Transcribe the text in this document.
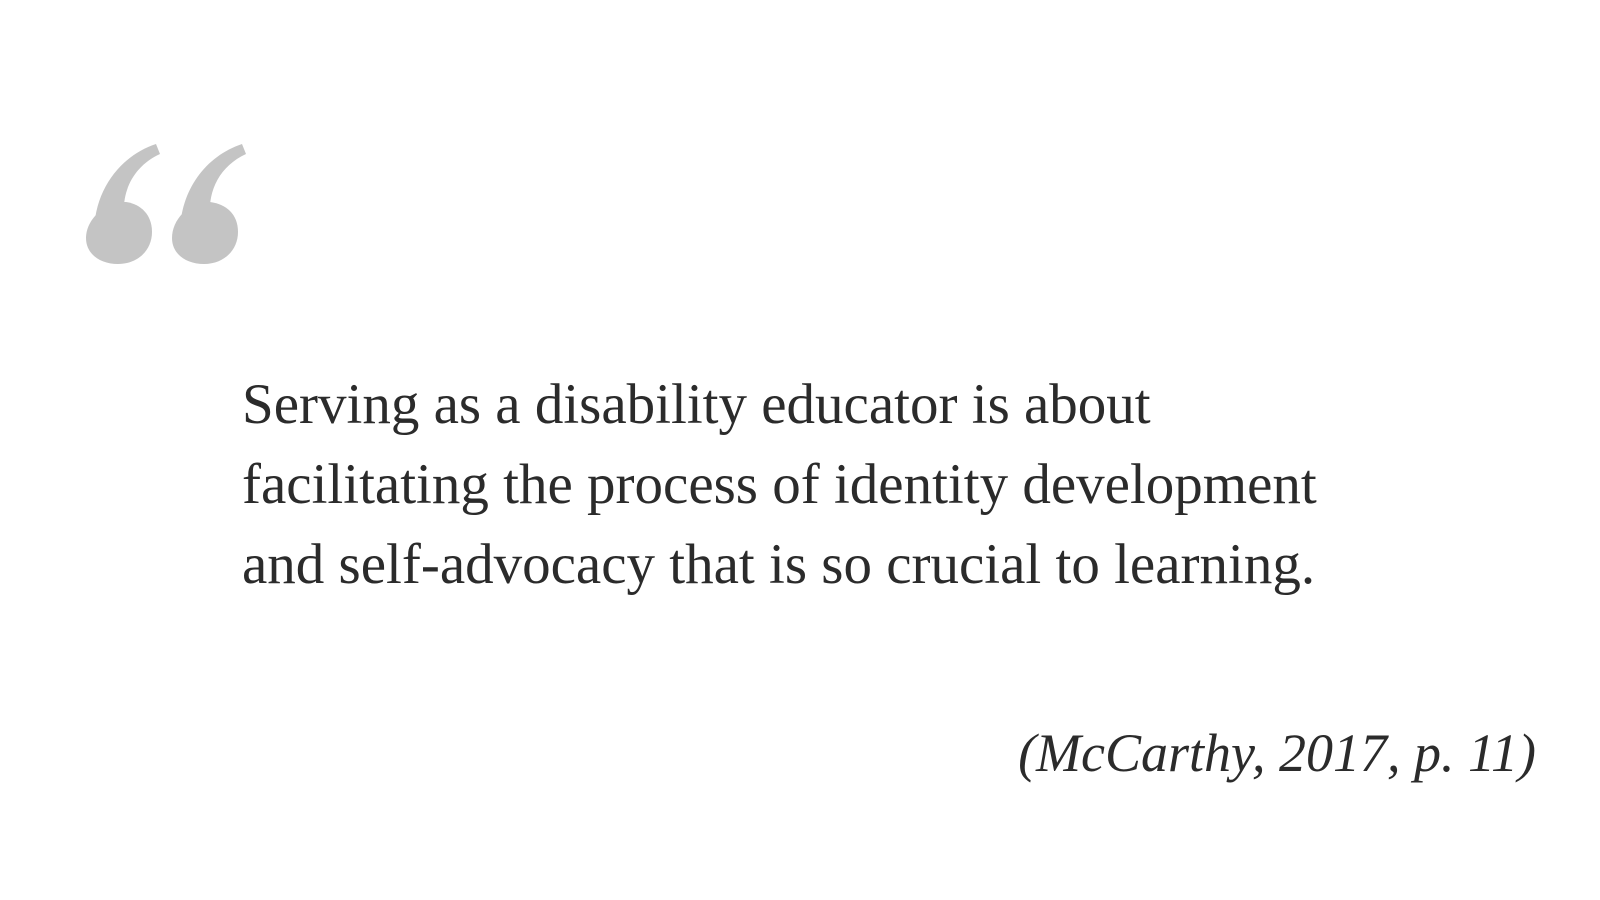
Serving as a disability educator is about
facilitating the process of identity development
and self-advocacy that is so crucial to learning.

(McCarthy, 2017, p. 11)
